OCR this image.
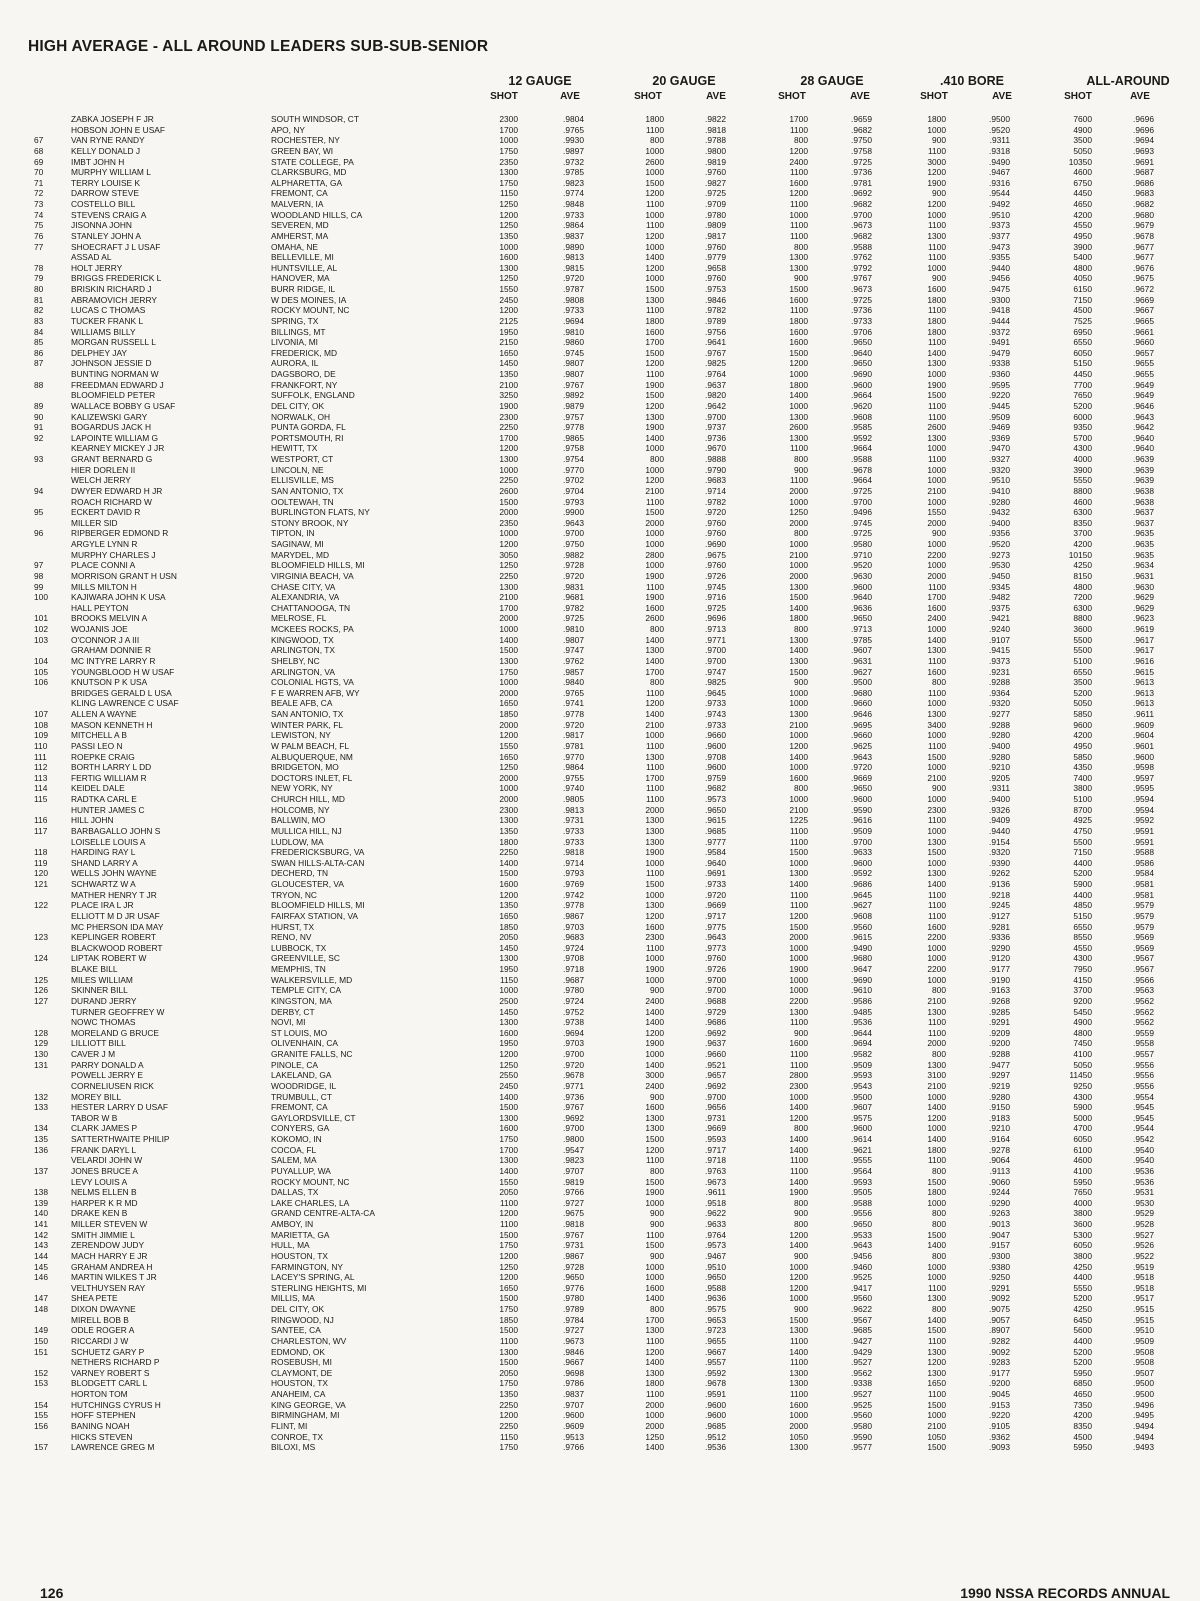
HIGH AVERAGE - ALL AROUND LEADERS SUB-SUB-SENIOR
12 GAUGE	20 GAUGE	28 GAUGE	.410 BORE	ALL-AROUND
SHOT	AVE	SHOT	AVE	SHOT	AVE	SHOT	AVE	SHOT	AVE
ZABKA JOSEPH F JR	SOUTH WINDSOR, CT	2300	.9804	1800	.9822	1700	.9659	1800	.9500	7600	.9696
HOBSON JOHN E USAF	APO, NY	1700	.9765	1100	.9818	1100	.9682	1000	.9520	4900	.9696
67	VAN RYNE RANDY	ROCHESTER, NY	1000	.9930	800	.9788	800	.9750	900	.9311	3500	.9694
68	KELLY DONALD J	GREEN BAY, WI	1750	.9897	1000	.9800	1200	.9758	1100	.9318	5050	.9693
69	IMBT JOHN H	STATE COLLEGE, PA	2350	.9732	2600	.9819	2400	.9725	3000	.9490	10350	.9691
70	MURPHY WILLIAM L	CLARKSBURG, MD	1300	.9785	1000	.9760	1100	.9736	1200	.9467	4600	.9687
71	TERRY LOUISE K	ALPHARETTA, GA	1750	.9823	1500	.9827	1600	.9781	1900	.9316	6750	.9686
72	DARROW STEVE	FREMONT, CA	1150	.9774	1200	.9725	1200	.9692	900	.9544	4450	.9683
73	COSTELLO BILL	MALVERN, IA	1250	.9848	1100	.9709	1100	.9682	1200	.9492	4650	.9682
74	STEVENS CRAIG A	WOODLAND HILLS, CA	1200	.9733	1000	.9780	1000	.9700	1000	.9510	4200	.9680
75	JISONNA JOHN	SEVEREN, MD	1250	.9864	1100	.9809	1100	.9673	1100	.9373	4550	.9679
76	STANLEY JOHN A	AMHERST, MA	1350	.9837	1200	.9817	1100	.9682	1300	.9377	4950	.9678
77	SHOECRAFT J L USAF	OMAHA, NE	1000	.9890	1000	.9760	800	.9588	1100	.9473	3900	.9677
ASSAD AL	BELLEVILLE, MI	1600	.9813	1400	.9779	1300	.9762	1100	.9355	5400	.9677
78	HOLT JERRY	HUNTSVILLE, AL	1300	.9815	1200	.9658	1300	.9792	1000	.9440	4800	.9676
79	BRIGGS FREDERICK L	HANOVER, MA	1250	.9720	1000	.9760	900	.9767	900	.9456	4050	.9675
80	BRISKIN RICHARD J	BURR RIDGE, IL	1550	.9787	1500	.9753	1500	.9673	1600	.9475	6150	.9672
81	ABRAMOVICH JERRY	W DES MOINES, IA	2450	.9808	1300	.9846	1600	.9725	1800	.9300	7150	.9669
82	LUCAS C THOMAS	ROCKY MOUNT, NC	1200	.9733	1100	.9782	1100	.9736	1100	.9418	4500	.9667
83	TUCKER FRANK L	SPRING, TX	2125	.9694	1800	.9789	1800	.9733	1800	.9444	7525	.9665
84	WILLIAMS BILLY	BILLINGS, MT	1950	.9810	1600	.9756	1600	.9706	1800	.9372	6950	.9661
85	MORGAN RUSSELL L	LIVONIA, MI	2150	.9860	1700	.9641	1600	.9650	1100	.9491	6550	.9660
86	DELPHEY JAY	FREDERICK, MD	1650	.9745	1500	.9767	1500	.9640	1400	.9479	6050	.9657
87	JOHNSON JESSIE D	AURORA, IL	1450	.9807	1200	.9825	1200	.9650	1300	.9338	5150	.9655
BUNTING NORMAN W	DAGSBORO, DE	1350	.9807	1100	.9764	1000	.9690	1000	.9360	4450	.9655
88	FREEDMAN EDWARD J	FRANKFORT, NY	2100	.9767	1900	.9637	1800	.9600	1900	.9595	7700	.9649
BLOOMFIELD PETER	SUFFOLK, ENGLAND	3250	.9892	1500	.9820	1400	.9664	1500	.9220	7650	.9649
89	WALLACE BOBBY G USAF	DEL CITY, OK	1900	.9879	1200	.9642	1000	.9620	1100	.9445	5200	.9646
90	KALIZEWSKI GARY	NORWALK, OH	2300	.9757	1300	.9700	1300	.9608	1100	.9509	6000	.9643
91	BOGARDUS JACK H	PUNTA GORDA, FL	2250	.9778	1900	.9737	2600	.9585	2600	.9469	9350	.9642
92	LAPOINTE WILLIAM G	PORTSMOUTH, RI	1700	.9865	1400	.9736	1300	.9592	1300	.9369	5700	.9640
KEARNEY MICKEY J JR	HEWITT, TX	1200	.9758	1000	.9670	1100	.9664	1000	.9470	4300	.9640
93	GRANT BERNARD G	WESTPORT, CT	1300	.9754	800	.9888	800	.9588	1100	.9327	4000	.9639
HIER DORLEN II	LINCOLN, NE	1000	.9770	1000	.9790	900	.9678	1000	.9320	3900	.9639
WELCH JERRY	ELLISVILLE, MS	2250	.9702	1200	.9683	1100	.9664	1000	.9510	5550	.9639
94	DWYER EDWARD H JR	SAN ANTONIO, TX	2600	.9704	2100	.9714	2000	.9725	2100	.9410	8800	.9638
ROACH RICHARD W	OOLTEWAH, TN	1500	.9793	1100	.9782	1000	.9700	1000	.9280	4600	.9638
95	ECKERT DAVID R	BURLINGTON FLATS, NY	2000	.9900	1500	.9720	1250	.9496	1550	.9432	6300	.9637
MILLER SID	STONY BROOK, NY	2350	.9643	2000	.9760	2000	.9745	2000	.9400	8350	.9637
96	RIPBERGER EDMOND R	TIPTON, IN	1000	.9700	1000	.9760	800	.9725	900	.9356	3700	.9635
ARGYLE LYNN R	SAGINAW, MI	1200	.9750	1000	.9690	1000	.9580	1000	.9520	4200	.9635
MURPHY CHARLES J	MARYDEL, MD	3050	.9882	2800	.9675	2100	.9710	2200	.9273	10150	.9635
97	PLACE CONNI A	BLOOMFIELD HILLS, MI	1250	.9728	1000	.9760	1000	.9520	1000	.9530	4250	.9634
98	MORRISON GRANT H USN	VIRGINIA BEACH, VA	2250	.9720	1900	.9726	2000	.9630	2000	.9450	8150	.9631
99	MILLS MILTON H	CHASE CITY, VA	1300	.9831	1100	.9745	1300	.9600	1100	.9345	4800	.9630
100	KAJIWARA JOHN K USA	ALEXANDRIA, VA	2100	.9681	1900	.9716	1500	.9640	1700	.9482	7200	.9629
HALL PEYTON	CHATTANOOGA, TN	1700	.9782	1600	.9725	1400	.9636	1600	.9375	6300	.9629
101	BROOKS MELVIN A	MELROSE, FL	2000	.9725	2600	.9696	1800	.9650	2400	.9421	8800	.9623
102	WOJANIS JOE	MCKEES ROCKS, PA	1000	.9810	800	.9713	800	.9713	1000	.9240	3600	.9619
103	O'CONNOR J A III	KINGWOOD, TX	1400	.9807	1400	.9771	1300	.9785	1400	.9107	5500	.9617
GRAHAM DONNIE R	ARLINGTON, TX	1500	.9747	1300	.9700	1400	.9607	1300	.9415	5500	.9617
104	MC INTYRE LARRY R	SHELBY, NC	1300	.9762	1400	.9700	1300	.9631	1100	.9373	5100	.9616
105	YOUNGBLOOD H W USAF	ARLINGTON, VA	1750	.9857	1700	.9747	1500	.9627	1600	.9231	6550	.9615
106	KNUTSON P K USA	COLONIAL HGTS, VA	1000	.9840	800	.9825	900	.9500	800	.9288	3500	.9613
BRIDGES GERALD L USA	F E WARREN AFB, WY	2000	.9765	1100	.9645	1000	.9680	1100	.9364	5200	.9613
KLING LAWRENCE C USAF	BEALE AFB, CA	1650	.9741	1200	.9733	1000	.9660	1000	.9320	5050	.9613
107	ALLEN A WAYNE	SAN ANTONIO, TX	1850	.9778	1400	.9743	1300	.9646	1300	.9277	5850	.9611
108	MASON KENNETH H	WINTER PARK, FL	2000	.9720	2100	.9733	2100	.9695	3400	.9288	9600	.9609
109	MITCHELL A B	LEWISTON, NY	1200	.9817	1000	.9660	1000	.9660	1000	.9280	4200	.9604
110	PASSI LEO N	W PALM BEACH, FL	1550	.9781	1100	.9600	1200	.9625	1100	.9400	4950	.9601
111	ROEPKE CRAIG	ALBUQUERQUE, NM	1650	.9770	1300	.9708	1400	.9643	1500	.9280	5850	.9600
112	BORTH LARRY L DD	BRIDGETON, MO	1250	.9864	1100	.9600	1000	.9720	1000	.9210	4350	.9598
113	FERTIG WILLIAM R	DOCTORS INLET, FL	2000	.9755	1700	.9759	1600	.9669	2100	.9205	7400	.9597
114	KEIDEL DALE	NEW YORK, NY	1000	.9740	1100	.9682	800	.9650	900	.9311	3800	.9595
115	RADTKA CARL E	CHURCH HILL, MD	2000	.9805	1100	.9573	1000	.9600	1000	.9400	5100	.9594
HUNTER JAMES C	HOLCOMB, NY	2300	.9813	2000	.9650	2100	.9590	2300	.9326	8700	.9594
116	HILL JOHN	BALLWIN, MO	1300	.9731	1300	.9615	1225	.9616	1100	.9409	4925	.9592
117	BARBAGALLO JOHN S	MULLICA HILL, NJ	1350	.9733	1300	.9685	1100	.9509	1000	.9440	4750	.9591
LOISELLE LOUIS A	LUDLOW, MA	1800	.9733	1300	.9777	1100	.9700	1300	.9154	5500	.9591
118	HARDING RAY L	FREDERICKSBURG, VA	2250	.9818	1900	.9584	1500	.9633	1500	.9320	7150	.9588
119	SHAND LARRY A	SWAN HILLS-ALTA-CAN	1400	.9714	1000	.9640	1000	.9600	1000	.9390	4400	.9586
120	WELLS JOHN WAYNE	DECHERD, TN	1500	.9793	1100	.9691	1300	.9592	1300	.9262	5200	.9584
121	SCHWARTZ W A	GLOUCESTER, VA	1600	.9769	1500	.9733	1400	.9686	1400	.9136	5900	.9581
MATHER HENRY T JR	TRYON, NC	1200	.9742	1000	.9720	1100	.9645	1100	.9218	4400	.9581
122	PLACE IRA L JR	BLOOMFIELD HILLS, MI	1350	.9778	1300	.9669	1100	.9627	1100	.9245	4850	.9579
ELLIOTT M D JR USAF	FAIRFAX STATION, VA	1650	.9867	1200	.9717	1200	.9608	1100	.9127	5150	.9579
MC PHERSON IDA MAY	HURST, TX	1850	.9703	1600	.9775	1500	.9560	1600	.9281	6550	.9579
123	KEPLINGER ROBERT	RENO, NV	2050	.9683	2300	.9643	2000	.9615	2200	.9336	8550	.9569
BLACKWOOD ROBERT	LUBBOCK, TX	1450	.9724	1100	.9773	1000	.9490	1000	.9290	4550	.9569
124	LIPTAK ROBERT W	GREENVILLE, SC	1300	.9708	1000	.9760	1000	.9680	1000	.9120	4300	.9567
BLAKE BILL	MEMPHIS, TN	1950	.9718	1900	.9726	1900	.9647	2200	.9177	7950	.9567
125	MILES WILLIAM	WALKERSVILLE, MD	1150	.9687	1000	.9700	1000	.9690	1000	.9190	4150	.9566
126	SKINNER BILL	TEMPLE CITY, CA	1000	.9780	900	.9700	1000	.9610	800	.9163	3700	.9563
127	DURAND JERRY	KINGSTON, MA	2500	.9724	2400	.9688	2200	.9586	2100	.9268	9200	.9562
TURNER GEOFFREY W	DERBY, CT	1450	.9752	1400	.9729	1300	.9485	1300	.9285	5450	.9562
NOWC THOMAS	NOVI, MI	1300	.9738	1400	.9686	1100	.9536	1100	.9291	4900	.9562
128	MORELAND G BRUCE	ST LOUIS, MO	1600	.9694	1200	.9692	900	.9644	1100	.9209	4800	.9559
129	LILLIOTT BILL	OLIVENHAIN, CA	1950	.9703	1900	.9637	1600	.9694	2000	.9200	7450	.9558
130	CAVER J M	GRANITE FALLS, NC	1200	.9700	1000	.9660	1100	.9582	800	.9288	4100	.9557
131	PARRY DONALD A	PINOLE, CA	1250	.9720	1400	.9521	1100	.9509	1300	.9477	5050	.9556
POWELL JERRY E	LAKELAND, GA	2550	.9678	3000	.9657	2800	.9593	3100	.9297	11450	.9556
CORNELIUSEN RICK	WOODRIDGE, IL	2450	.9771	2400	.9692	2300	.9543	2100	.9219	9250	.9556
132	MOREY BILL	TRUMBULL, CT	1400	.9736	900	.9700	1000	.9500	1000	.9280	4300	.9554
133	HESTER LARRY D USAF	FREMONT, CA	1500	.9767	1600	.9656	1400	.9607	1400	.9150	5900	.9545
TABOR W B	GAYLORDSVILLE, CT	1300	.9692	1300	.9731	1200	.9575	1200	.9183	5000	.9545
134	CLARK JAMES P	CONYERS, GA	1600	.9700	1300	.9669	800	.9600	1000	.9210	4700	.9544
135	SATTERTHWAITE PHILIP	KOKOMO, IN	1750	.9800	1500	.9593	1400	.9614	1400	.9164	6050	.9542
136	FRANK DARYL L	COCOA, FL	1700	.9547	1200	.9717	1400	.9621	1800	.9278	6100	.9540
VELARDI JOHN W	SALEM, MA	1300	.9823	1100	.9718	1100	.9555	1100	.9064	4600	.9540
137	JONES BRUCE A	PUYALLUP, WA	1400	.9707	800	.9763	1100	.9564	800	.9113	4100	.9536
LEVY LOUIS A	ROCKY MOUNT, NC	1550	.9819	1500	.9673	1400	.9593	1500	.9060	5950	.9536
138	NELMS ELLEN B	DALLAS, TX	2050	.9766	1900	.9611	1900	.9505	1800	.9244	7650	.9531
139	HARPER K R MD	LAKE CHARLES, LA	1100	.9727	1000	.9518	800	.9588	1000	.9290	4000	.9530
140	DRAKE KEN B	GRAND CENTRE-ALTA-CA	1200	.9675	900	.9622	900	.9556	800	.9263	3800	.9529
141	MILLER STEVEN W	AMBOY, IN	1100	.9818	900	.9633	800	.9650	800	.9013	3600	.9528
142	SMITH JIMMIE L	MARIETTA, GA	1500	.9767	1100	.9764	1200	.9533	1500	.9047	5300	.9527
143	ZERENDOW JUDY	HULL, MA	1750	.9731	1500	.9573	1400	.9643	1400	.9157	6050	.9526
144	MACH HARRY E JR	HOUSTON, TX	1200	.9867	900	.9467	900	.9456	800	.9300	3800	.9522
145	GRAHAM ANDREA H	FARMINGTON, NY	1250	.9728	1000	.9510	1000	.9460	1000	.9380	4250	.9519
146	MARTIN WILKES T JR	LACEY'S SPRING, AL	1200	.9650	1000	.9650	1200	.9525	1000	.9250	4400	.9518
VELTHUYSEN RAY	STERLING HEIGHTS, MI	1650	.9776	1600	.9588	1200	.9417	1100	.9291	5550	.9518
147	SHEA PETE	MILLIS, MA	1500	.9780	1400	.9636	1000	.9560	1300	.9092	5200	.9517
148	DIXON DWAYNE	DEL CITY, OK	1750	.9789	800	.9575	900	.9622	800	.9075	4250	.9515
MIRELL BOB B	RINGWOOD, NJ	1850	.9784	1700	.9653	1500	.9567	1400	.9057	6450	.9515
149	ODLE ROGER A	SANTEE, CA	1500	.9727	1300	.9723	1300	.9685	1500	.8907	5600	.9510
150	RICCARDI J W	CHARLESTON, WV	1100	.9673	1100	.9655	1100	.9427	1100	.9282	4400	.9509
151	SCHUETZ GARY P	EDMOND, OK	1300	.9846	1200	.9667	1400	.9429	1300	.9092	5200	.9508
NETHERS RICHARD P	ROSEBUSH, MI	1500	.9667	1400	.9557	1100	.9527	1200	.9283	5200	.9508
152	VARNEY ROBERT S	CLAYMONT, DE	2050	.9698	1300	.9592	1300	.9562	1300	.9177	5950	.9507
153	BLODGETT CARL L	HOUSTON, TX	1750	.9786	1800	.9678	1300	.9338	1650	.9200	6850	.9500
HORTON TOM	ANAHEIM, CA	1350	.9837	1100	.9591	1100	.9527	1100	.9045	4650	.9500
154	HUTCHINGS CYRUS H	KING GEORGE, VA	2250	.9707	2000	.9600	1600	.9525	1500	.9153	7350	.9496
155	HOFF STEPHEN	BIRMINGHAM, MI	1200	.9600	1000	.9600	1000	.9560	1000	.9220	4200	.9495
156	BANING NOAH	FLINT, MI	2250	.9609	2000	.9685	2000	.9580	2100	.9105	8350	.9494
HICKS STEVEN	CONROE, TX	1150	.9513	1250	.9512	1050	.9590	1050	.9362	4500	.9494
157	LAWRENCE GREG M	BILOXI, MS	1750	.9766	1400	.9536	1300	.9577	1500	.9093	5950	.9493
126	1990 NSSA RECORDS ANNUAL
